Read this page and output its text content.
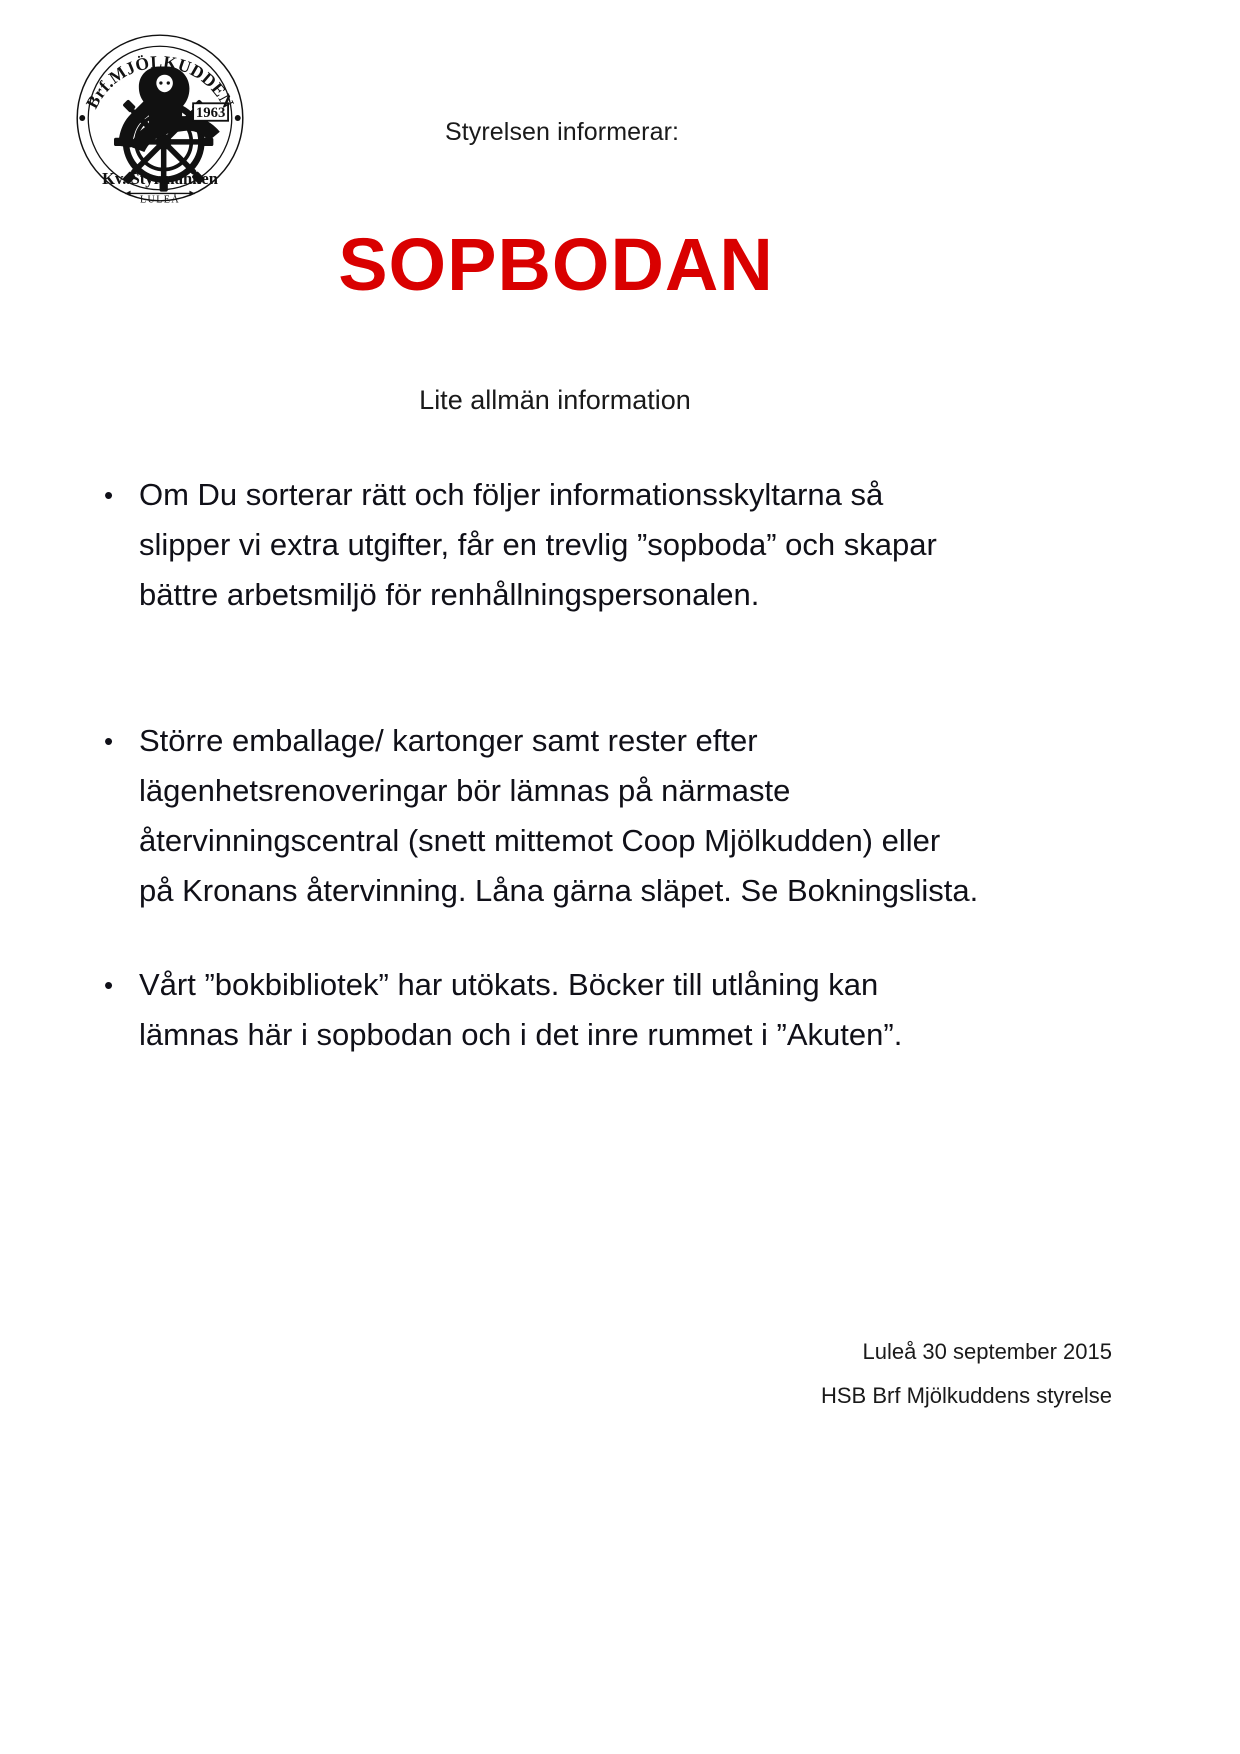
1963
Brf.MJÖLKUDDEN
Kv. Styrmannen
LULEÅ
Styrelsen informerar:
SOPBODAN
Lite allmän information
• Om Du sorterar rätt och följer informationsskyltarna så
slipper vi extra utgifter, får en trevlig ”sopboda” och skapar
bättre arbetsmiljö för renhållningspersonalen.
• Större emballage/ kartonger samt rester efter
lägenhetsrenoveringar bör lämnas på närmaste
återvinningscentral (snett mittemot Coop Mjölkudden) eller
på Kronans återvinning. Låna gärna släpet. Se Bokningslista.
• Vårt ”bokbibliotek” har utökats. Böcker till utlåning kan
lämnas här i sopbodan och i det inre rummet i ”Akuten”.
Luleå 30 september 2015
HSB Brf Mjölkuddens styrelse
